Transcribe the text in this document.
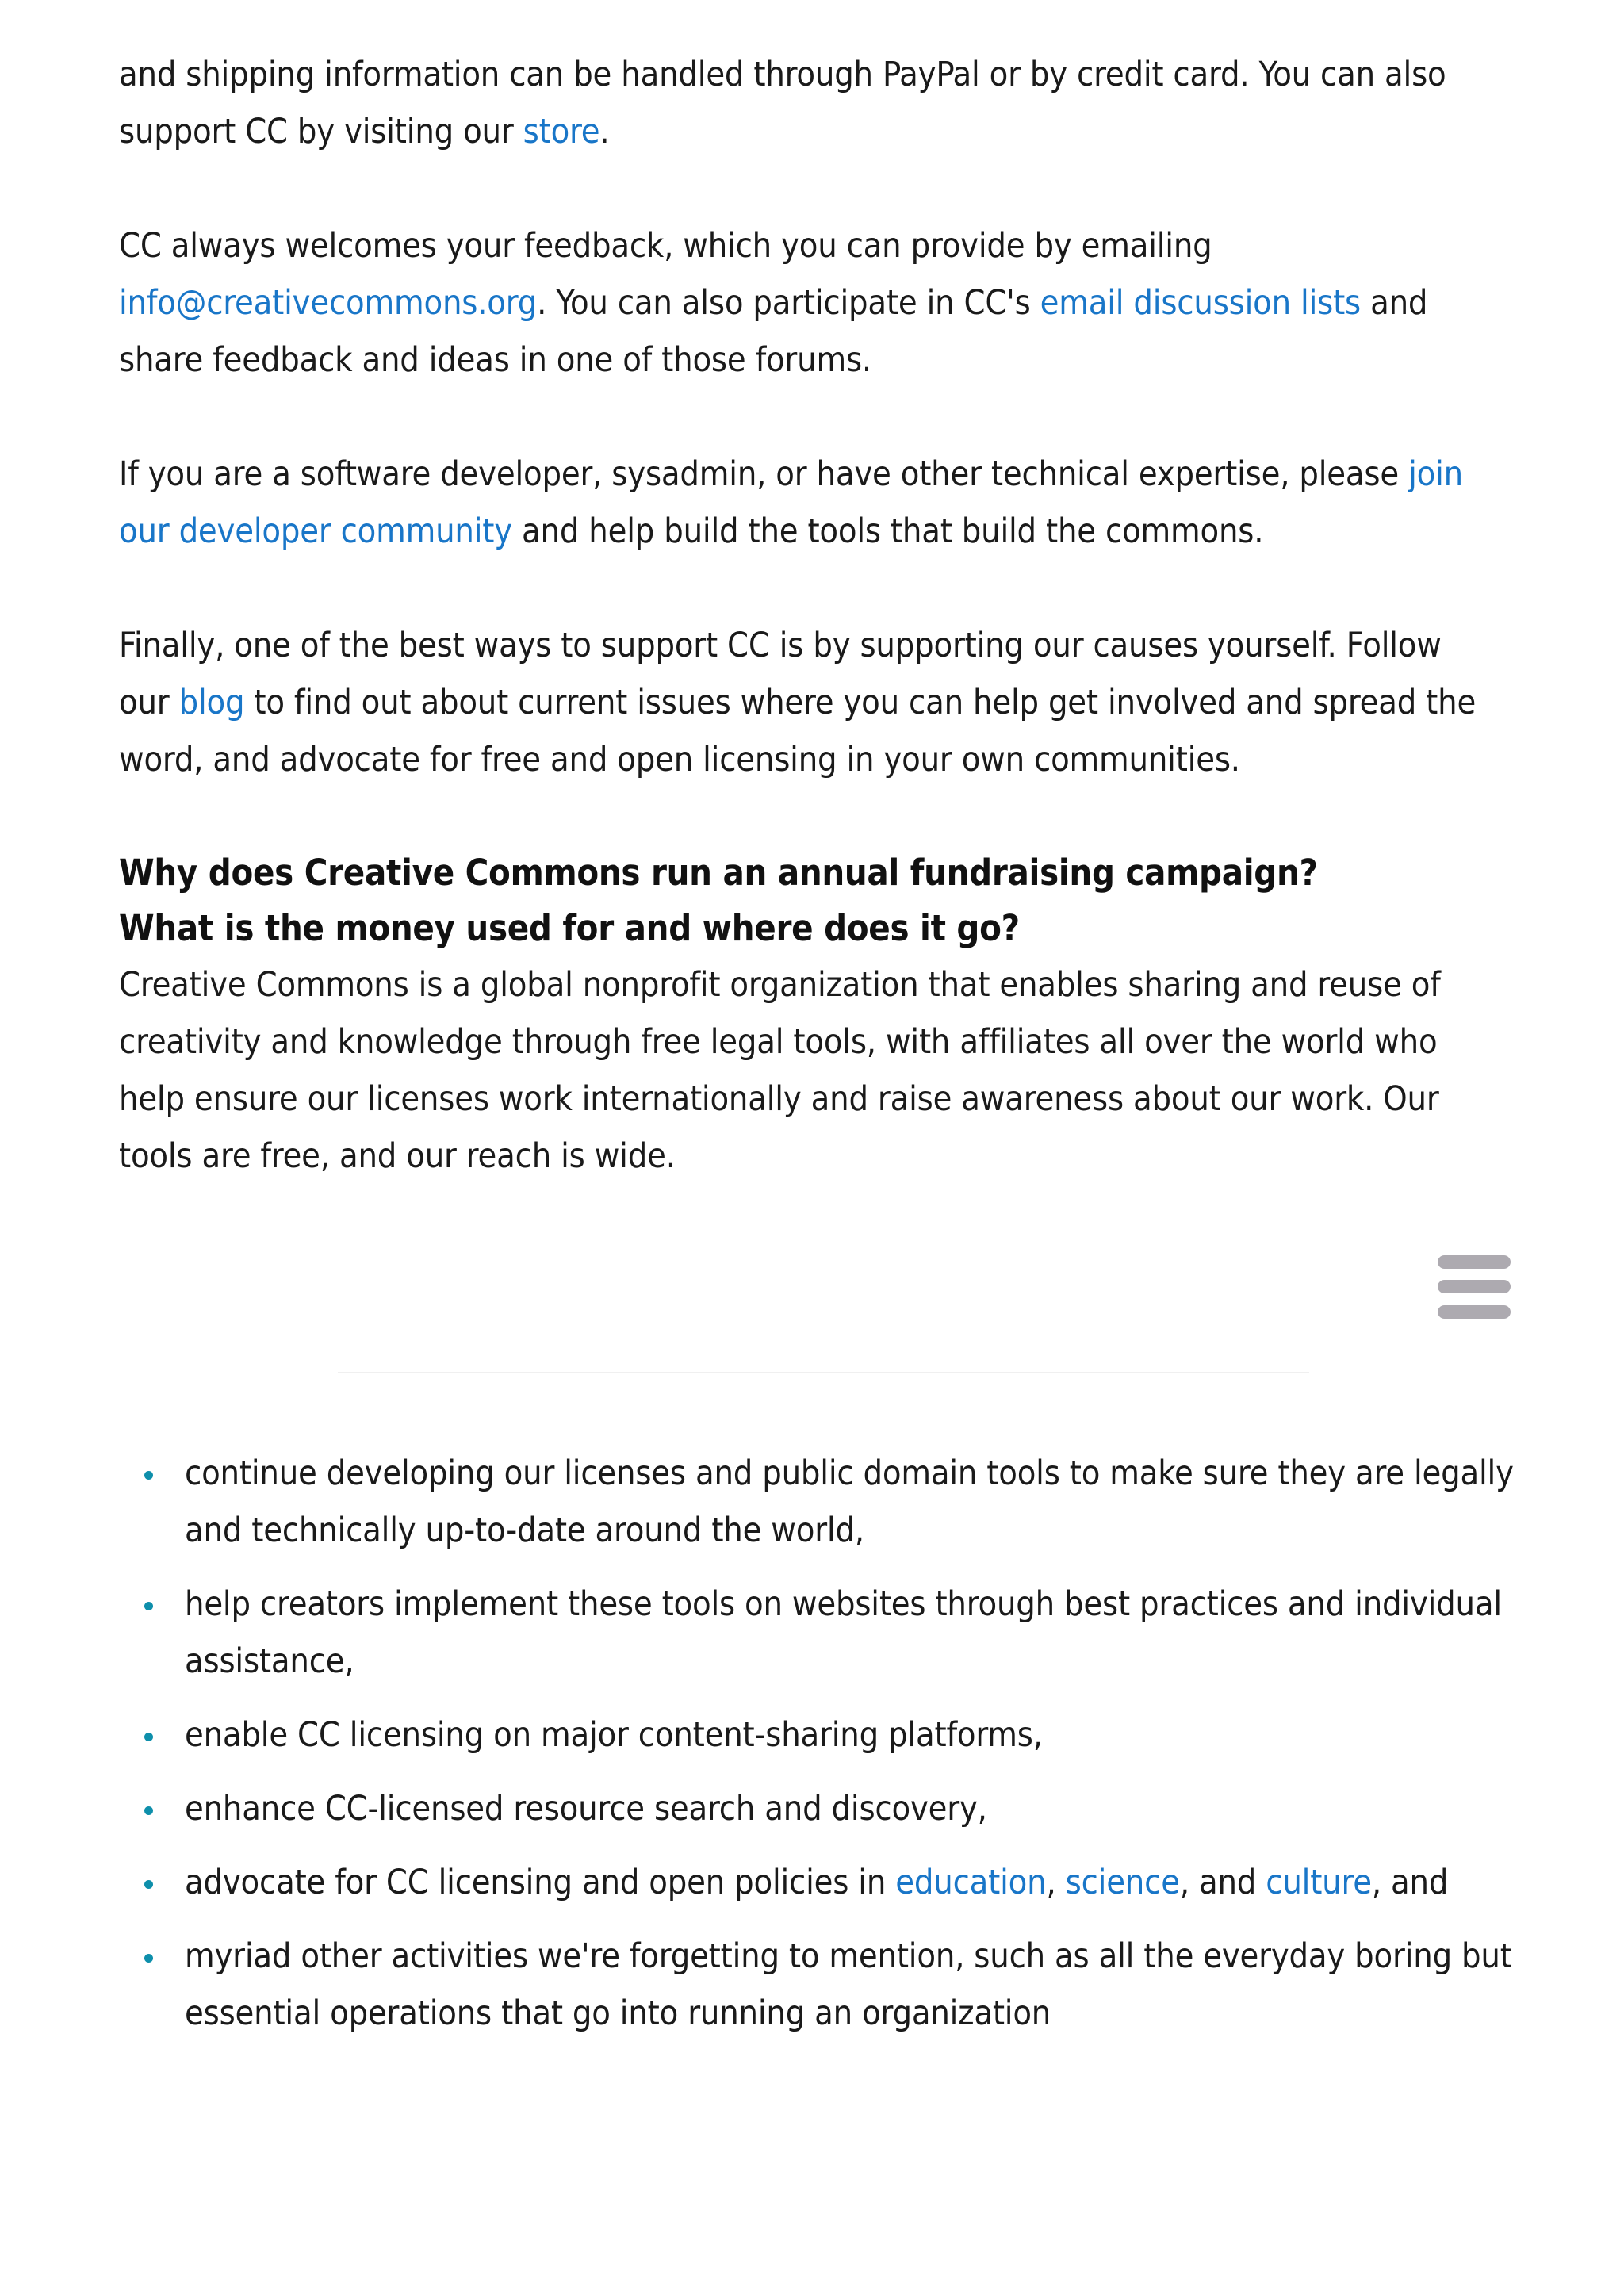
and shipping information can be handled through PayPal or by credit card. You can also support CC by visiting our store.

CC always welcomes your feedback, which you can provide by emailing info@creativecommons.org. You can also participate in CC's email discussion lists and share feedback and ideas in one of those forums.

If you are a software developer, sysadmin, or have other technical expertise, please join our developer community and help build the tools that build the commons.

Finally, one of the best ways to support CC is by supporting our causes yourself. Follow our blog to find out about current issues where you can help get involved and spread the word, and advocate for free and open licensing in your own communities.

Why does Creative Commons run an annual fundraising campaign?
What is the money used for and where does it go?

Creative Commons is a global nonprofit organization that enables sharing and reuse of creativity and knowledge through free legal tools, with affiliates all over the world who help ensure our licenses work internationally and raise awareness about our work. Our tools are free, and our reach is wide.

continue developing our licenses and public domain tools to make sure they are legally and technically up-to-date around the world,
help creators implement these tools on websites through best practices and individual assistance,
enable CC licensing on major content-sharing platforms,
enhance CC-licensed resource search and discovery,
advocate for CC licensing and open policies in education, science, and culture, and
myriad other activities we're forgetting to mention, such as all the everyday boring but essential operations that go into running an organization
